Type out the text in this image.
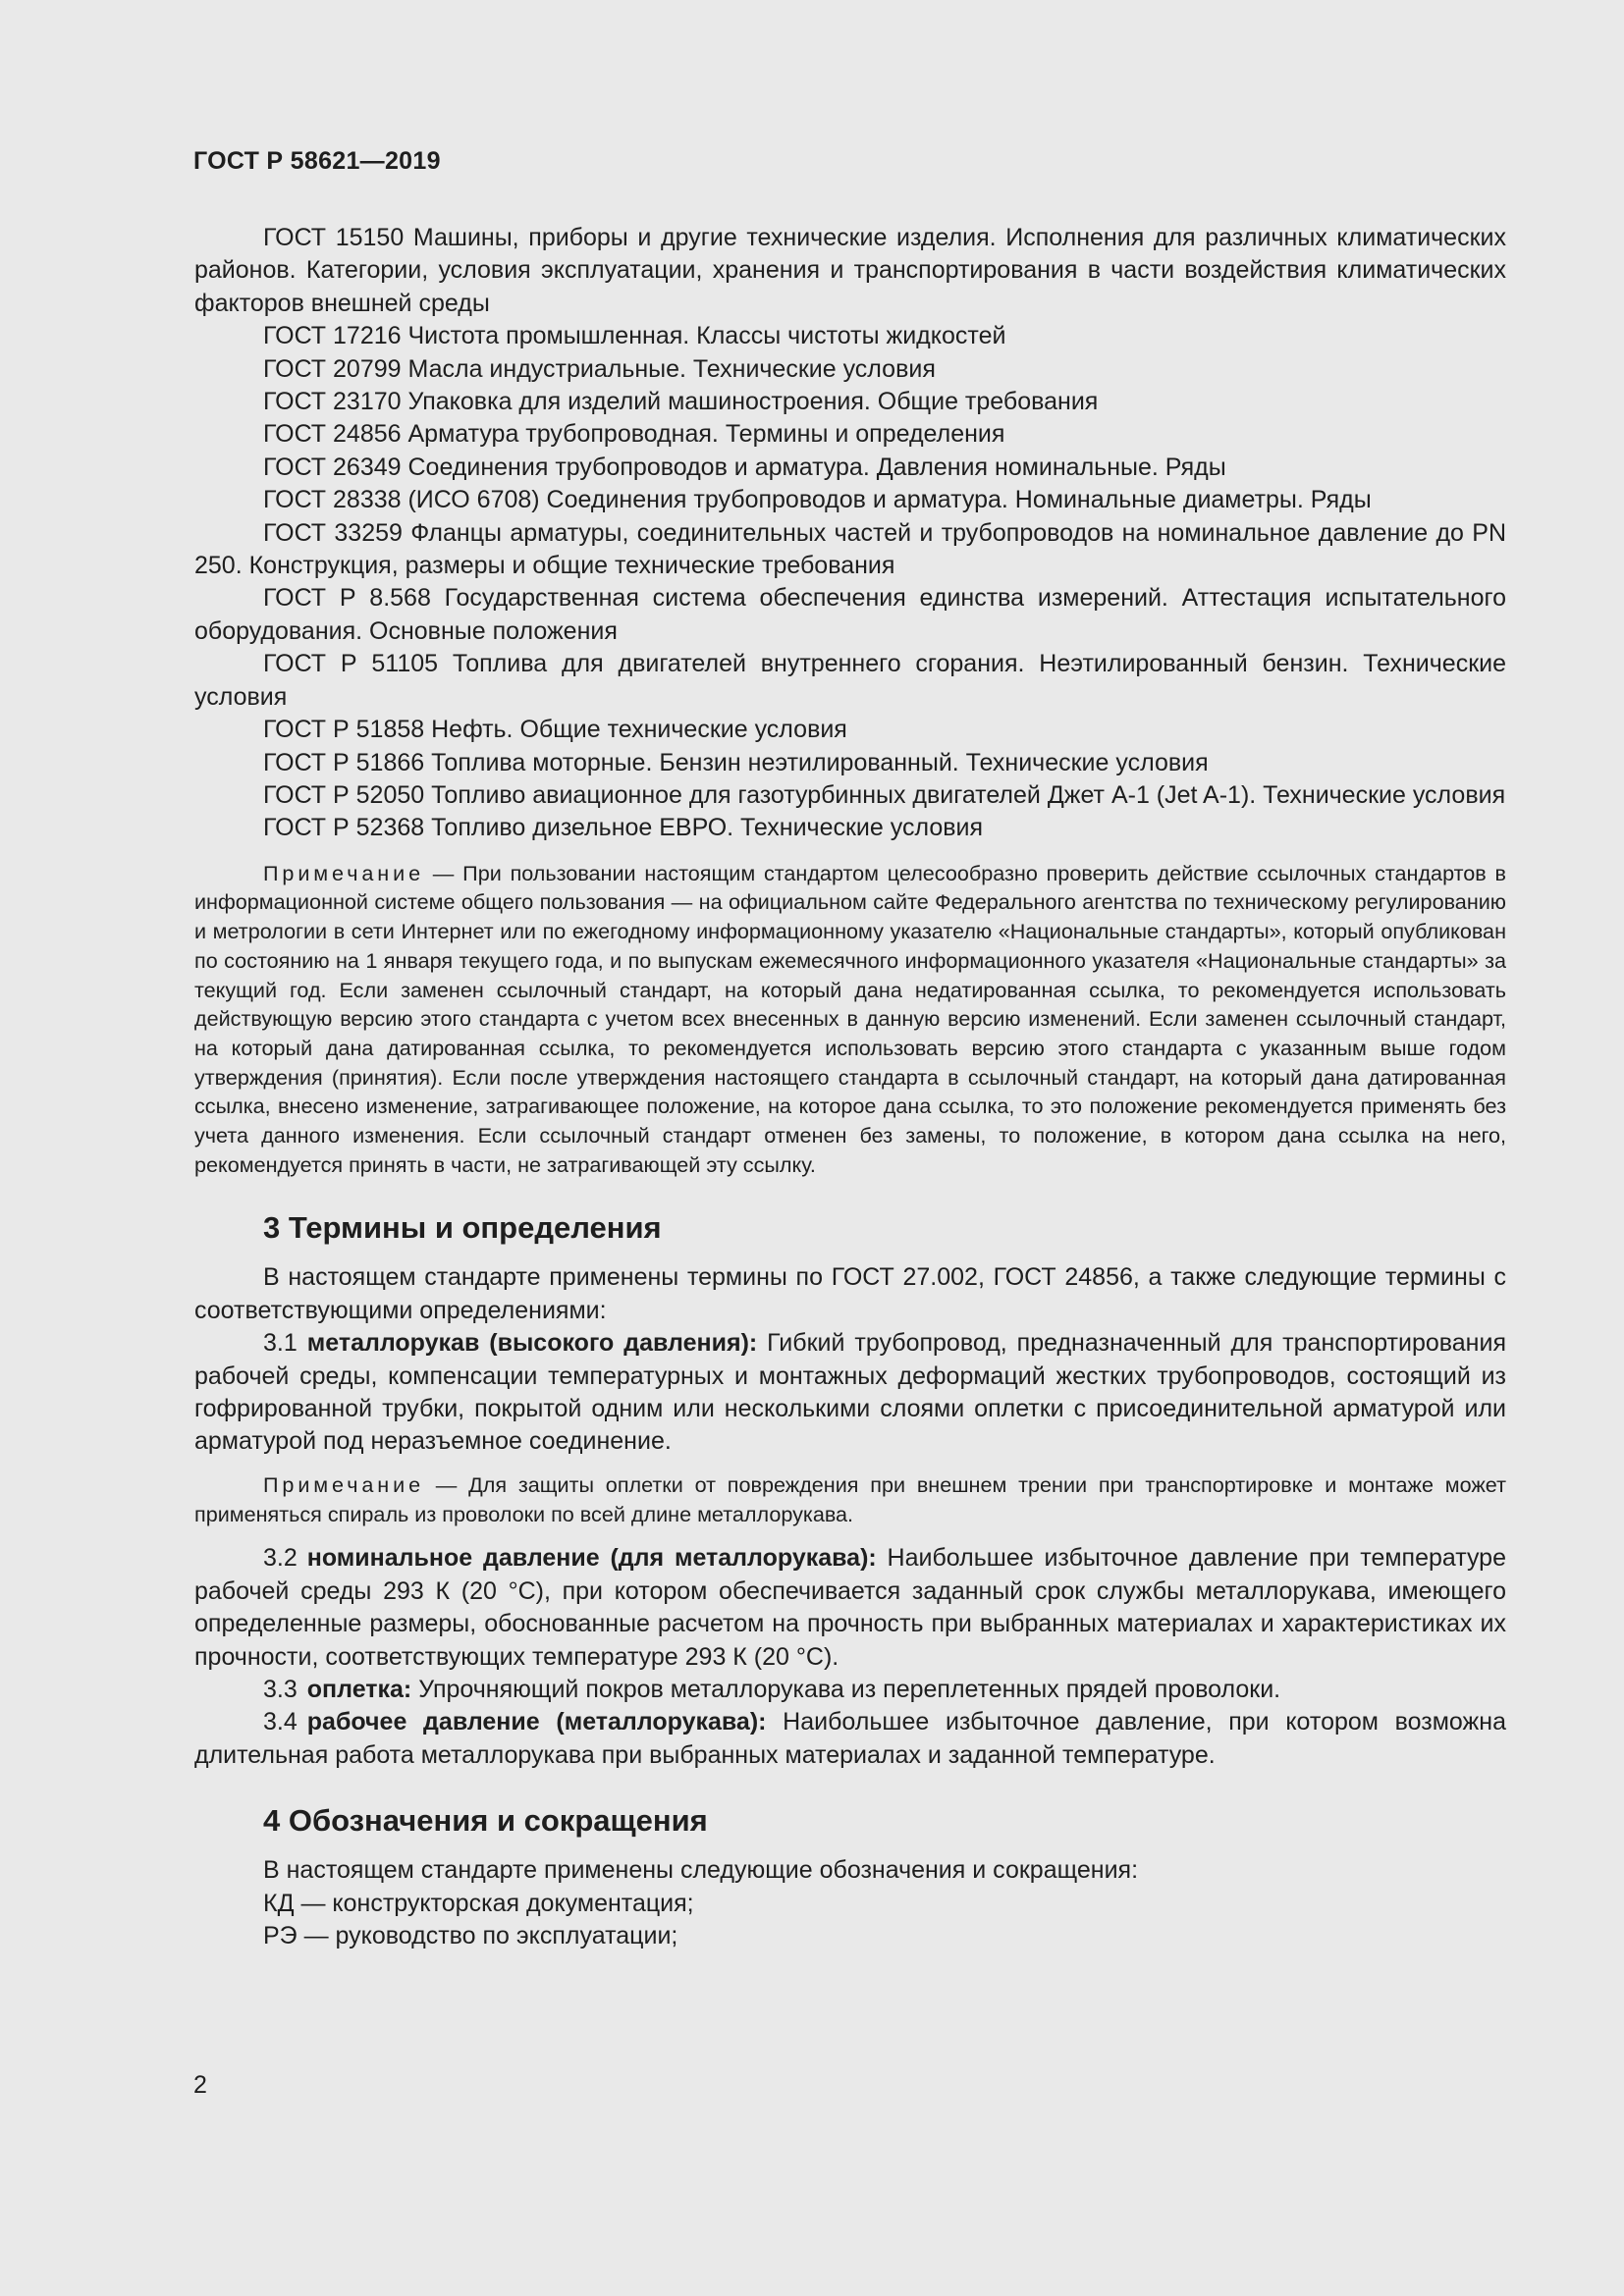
ГОСТ Р 58621—2019

ГОСТ 15150 Машины, приборы и другие технические изделия. Исполнения для различных климатических районов. Категории, условия эксплуатации, хранения и транспортирования в части воздействия климатических факторов внешней среды

ГОСТ 17216 Чистота промышленная. Классы чистоты жидкостей

ГОСТ 20799 Масла индустриальные. Технические условия

ГОСТ 23170 Упаковка для изделий машиностроения. Общие требования

ГОСТ 24856 Арматура трубопроводная. Термины и определения

ГОСТ 26349 Соединения трубопроводов и арматура. Давления номинальные. Ряды

ГОСТ 28338 (ИСО 6708) Соединения трубопроводов и арматура. Номинальные диаметры. Ряды

ГОСТ 33259 Фланцы арматуры, соединительных частей и трубопроводов на номинальное давление до PN 250. Конструкция, размеры и общие технические требования

ГОСТ Р 8.568 Государственная система обеспечения единства измерений. Аттестация испытательного оборудования. Основные положения

ГОСТ Р 51105 Топлива для двигателей внутреннего сгорания. Неэтилированный бензин. Технические условия

ГОСТ Р 51858 Нефть. Общие технические условия

ГОСТ Р 51866 Топлива моторные. Бензин неэтилированный. Технические условия

ГОСТ Р 52050 Топливо авиационное для газотурбинных двигателей Джет А-1 (Jet A-1). Технические условия

ГОСТ Р 52368 Топливо дизельное ЕВРО. Технические условия

Примечание — При пользовании настоящим стандартом целесообразно проверить действие ссылочных стандартов в информационной системе общего пользования — на официальном сайте Федерального агентства по техническому регулированию и метрологии в сети Интернет или по ежегодному информационному указателю «Национальные стандарты», который опубликован по состоянию на 1 января текущего года, и по выпускам ежемесячного информационного указателя «Национальные стандарты» за текущий год. Если заменен ссылочный стандарт, на который дана недатированная ссылка, то рекомендуется использовать действующую версию этого стандарта с учетом всех внесенных в данную версию изменений. Если заменен ссылочный стандарт, на который дана датированная ссылка, то рекомендуется использовать версию этого стандарта с указанным выше годом утверждения (принятия). Если после утверждения настоящего стандарта в ссылочный стандарт, на который дана датированная ссылка, внесено изменение, затрагивающее положение, на которое дана ссылка, то это положение рекомендуется применять без учета данного изменения. Если ссылочный стандарт отменен без замены, то положение, в котором дана ссылка на него, рекомендуется принять в части, не затрагивающей эту ссылку.

3 Термины и определения

В настоящем стандарте применены термины по ГОСТ 27.002, ГОСТ 24856, а также следующие термины с соответствующими определениями:

3.1 металлорукав (высокого давления): Гибкий трубопровод, предназначенный для транспортирования рабочей среды, компенсации температурных и монтажных деформаций жестких трубопроводов, состоящий из гофрированной трубки, покрытой одним или несколькими слоями оплетки с присоединительной арматурой или арматурой под неразъемное соединение.

Примечание — Для защиты оплетки от повреждения при внешнем трении при транспортировке и монтаже может применяться спираль из проволоки по всей длине металлорукава.

3.2 номинальное давление (для металлорукава): Наибольшее избыточное давление при температуре рабочей среды 293 К (20 °С), при котором обеспечивается заданный срок службы металлорукава, имеющего определенные размеры, обоснованные расчетом на прочность при выбранных материалах и характеристиках их прочности, соответствующих температуре 293 К (20 °С).

3.3 оплетка: Упрочняющий покров металлорукава из переплетенных прядей проволоки.

3.4 рабочее давление (металлорукава): Наибольшее избыточное давление, при котором возможна длительная работа металлорукава при выбранных материалах и заданной температуре.

4 Обозначения и сокращения

В настоящем стандарте применены следующие обозначения и сокращения:

КД — конструкторская документация;

РЭ — руководство по эксплуатации;

2
